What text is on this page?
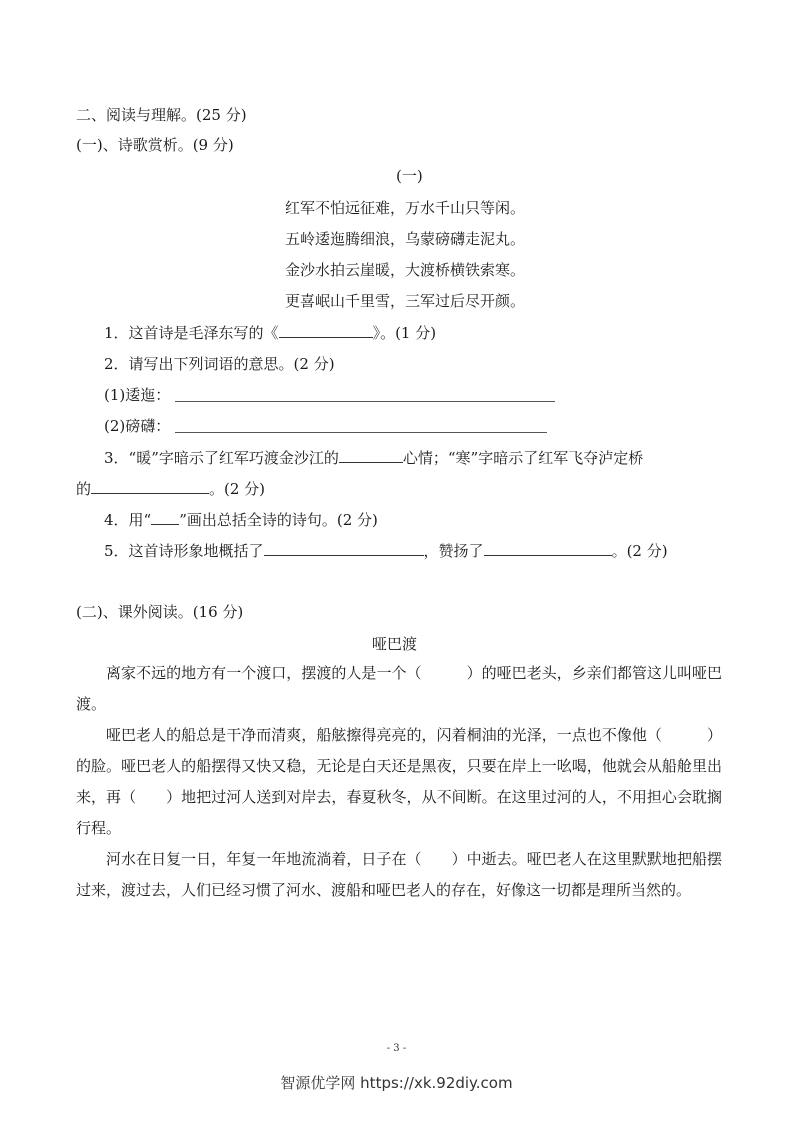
二、阅读与理解。(25 分)
(一)、诗歌赏析。(9 分)
(一)
红军不怕远征难，万水千山只等闲。
五岭逶迤腾细浪，乌蒙磅礴走泥丸。
金沙水拍云崖暖，大渡桥横铁索寒。
更喜岷山千里雪，三军过后尽开颜。
1．这首诗是毛泽东写的《	》。(1 分)
2．请写出下列词语的意思。(2 分)
(1)逶迤：
(2)磅礴：
3．“暖”字暗示了红军巧渡金沙江的	心情；“寒”字暗示了红军飞夺泸定桥
的	。(2 分)
4．用“ ”画出总括全诗的诗句。(2 分)
5．这首诗形象地概括了	，赞扬了	。(2 分)
(二)、课外阅读。(16 分)
哑巴渡
离家不远的地方有一个渡口，摆渡的人是一个（　　　）的哑巴老头，乡亲们都管这儿叫哑巴渡。
哑巴老人的船总是干净而清爽，船舷擦得亮亮的，闪着桐油的光泽，一点也不像他（　　　）的脸。哑巴老人的船摆得又快又稳，无论是白天还是黑夜，只要在岸上一吆喝，他就会从船舱里出来，再（　　）地把过河人送到对岸去，春夏秋冬，从不间断。在这里过河的人，不用担心会耽搁行程。
河水在日复一日，年复一年地流淌着，日子在（　　）中逝去。哑巴老人在这里默默地把船摆过来，渡过去，人们已经习惯了河水、渡船和哑巴老人的存在，好像这一切都是理所当然的。
- 3 -
智源优学网 https://xk.92diy.com
